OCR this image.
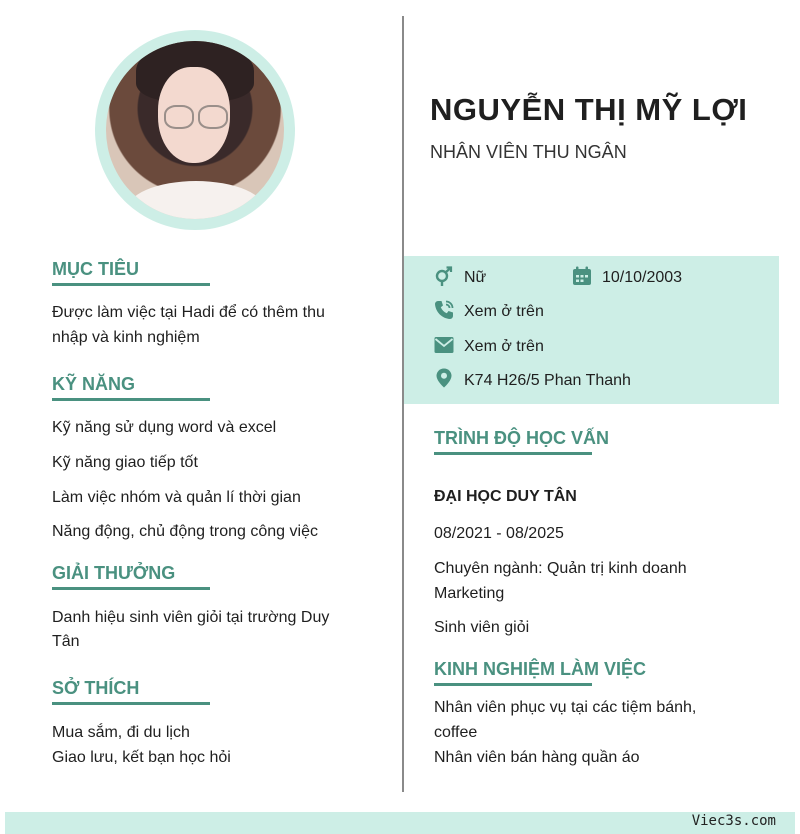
NGUYỄN THỊ MỸ LỢI
NHÂN VIÊN THU NGÂN
MỤC TIÊU
Được làm việc tại Hadi để có thêm thu
nhập và kinh nghiệm
KỸ NĂNG
Kỹ năng sử dụng word và excel
Kỹ năng giao tiếp tốt
Làm việc nhóm và quản lí thời gian
Năng động, chủ động trong công việc
GIẢI THƯỞNG
Danh hiệu sinh viên giỏi tại trường Duy
Tân
SỞ THÍCH
Mua sắm, đi du lịch
Giao lưu, kết bạn học hỏi
Nữ	10/10/2003
Xem ở trên
Xem ở trên
K74 H26/5 Phan Thanh
TRÌNH ĐỘ HỌC VẤN
ĐẠI HỌC DUY TÂN
08/2021 - 08/2025
Chuyên ngành: Quản trị kinh doanh
Marketing
Sinh viên giỏi
KINH NGHIỆM LÀM VIỆC
Nhân viên phục vụ tại các tiệm bánh,
coffee
Nhân viên bán hàng quần áo
Viec3s.com
